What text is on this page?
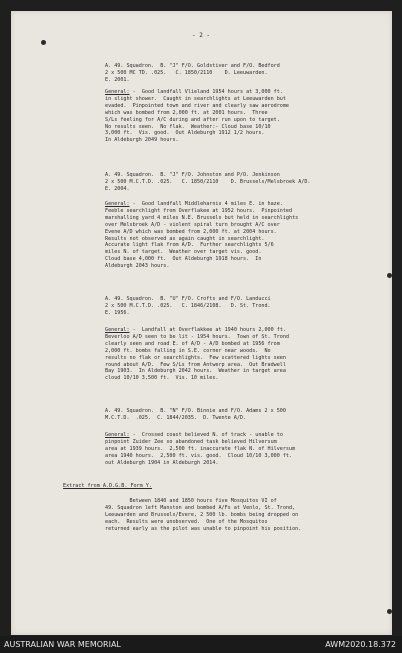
- 2 -
A. 49. Squadron.  B. "J" F/O. Goldstiver and F/O. Bedford
2 x 500 MC TD. .025.   C. 1850/2110    D. Leeuwarden.
E. 2001.
General: -  Good landfall Vlieland 1954 hours at 3,000 ft.
in slight shower.  Caught in searchlights at Leeuwarden but
evaded.  Pinpointed town and river and clearly saw aerodrome
which was bombed from 2,000 ft. at 2001 hours.  Three
S/Ls feeling for A/C during and after run upon to target.
No results seen.  No flak.  Weather:- Cloud base 10/10
3,000 ft.  Vis. good.  Out Aldeburgh 1912 1/2 hours.
In Aldeburgh 2049 hours.
A. 49. Squadron.  B. "J" F/O. Johnston and P/O. Jenkinson
2 x 500 M.C.T.D. .025.   C. 1850/2110    D. Brussels/Melsbroek A/D.
E. 2004.
General: -  Good landfall Middleharnis 4 miles E. in haze.
Feeble searchlight from Overflakee at 1952 hours.  Pinpointed
marshalling yard 4 miles N.E. Brussels but held in searchlights
over Melsbroek A/D - violent spiral turn brought A/C over
Evene A/D which was bombed from 2,000 ft. at 2004 hours.
Results not observed as again caught in searchlight.
Accurate light flak from A/D.  Further searchlights 5/6
miles N. of target.  Weather over target vis. good.
Cloud base 4,000 ft.  Out Aldeburgh 1918 hours.  In
Aldeburgh 2043 hours.
A. 49. Squadron.  B. "U" F/O. Crofts and F/O. Landucci
2 x 500 M.C.T.D. .025.   C. 1846/2108.   D. St. Trond.
E. 1956.
General: -  Landfall at Overflakkee at 1940 hours 2,000 ft.
Beverloo A/D seen to be lit - 1954 hours.  Town of St. Trond
clearly seen and road E. of A/D - A/D bombed at 1956 from
2,000 ft. bombs falling in S.E. corner near woods.  No
results no flak or searchlights.  Few scattered lights seen
round about A/D.  Few S/Ls from Antwerp area.  Out Bradwell
Bay 1903.  In Aldeburgh 2042 hours.  Weather in target area
cloud 10/10 3,500 ft.  Vis. 10 miles.
A. 49. Squadron.  B. "N" F/O. Binnie and F/O. Adams 2 x 500
M.C.T.D.  .025.  C. 1844/2035.  D. Twente A/D.
General: -  Crossed coast believed N. of track - unable to
pinpoint Zuider Zee so abandoned task believed Hilversum
area at 1939 hours.  2,500 ft. inaccurate flak N. of Hilversum
area 1940 hours.  2,500 ft. vis. good.  Cloud 10/10 3,000 ft.
out Aldeburgh 1904 in Aldeburgh 2014.
Extract from A.D.G.B. Form Y.
Between 1840 and 1850 hours five Mosquitos VI of
49. Squadron left Manston and bombed A/Fs at Venlo, St. Trond,
Leeuwarden and Brussels/Evere, 2 500 lb. bombs being dropped on
each.  Results were unobserved.  One of the Mosquitos
returned early as the pilot was unable to pinpoint his position.
AUSTRALIAN WAR MEMORIAL	AWM2020.18.372
